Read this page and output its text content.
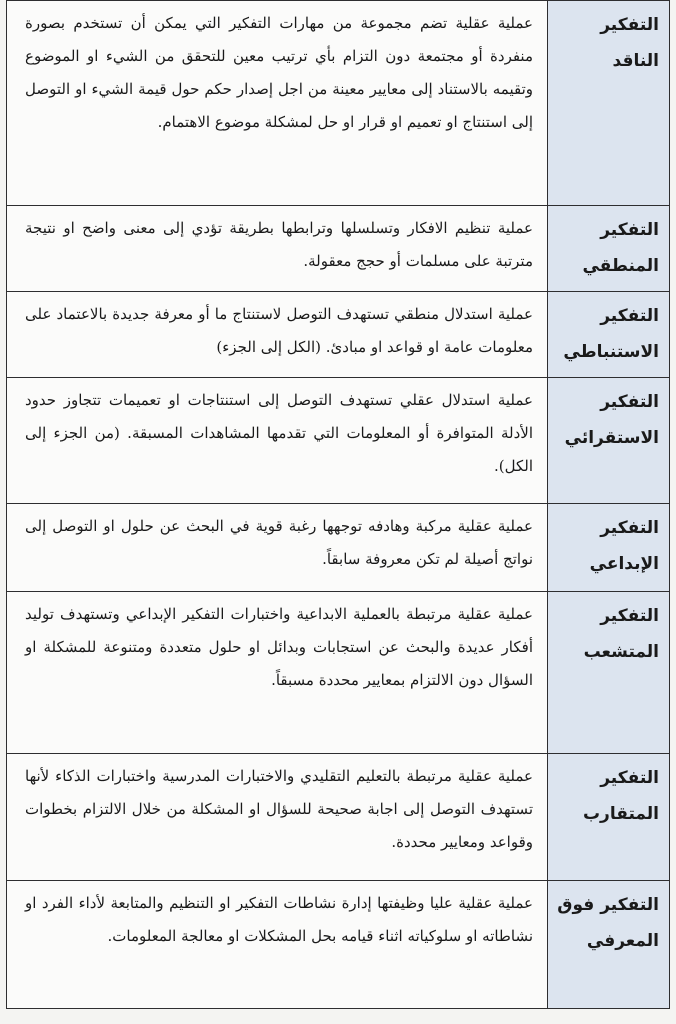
التفكير الناقد	عملية عقلية تضم مجموعة من مهارات التفكير التي يمكن أن تستخدم بصورة منفردة أو مجتمعة دون التزام بأي ترتيب معين للتحقق من الشيء او الموضوع وتقيمه بالاستناد إلى معايير معينة من اجل إصدار حكم حول قيمة الشيء او التوصل إلى استنتاج او تعميم او قرار او حل لمشكلة موضوع الاهتمام.
التفكير المنطقي	عملية تنظيم الافكار وتسلسلها وترابطها بطريقة تؤدي إلى معنى واضح او نتيجة مترتبة على مسلمات أو حجج معقولة.
التفكير الاستنباطي	عملية استدلال منطقي تستهدف التوصل لاستنتاج ما أو معرفة جديدة بالاعتماد على معلومات عامة او قواعد او مبادئ. (الكل إلى الجزء)
التفكير الاستقرائي	عملية استدلال عقلي تستهدف التوصل إلى استنتاجات او تعميمات تتجاوز حدود الأدلة المتوافرة أو المعلومات التي تقدمها المشاهدات المسبقة. (من الجزء إلى الكل).
التفكير الإبداعي	عملية عقلية مركبة وهادفه توجهها رغبة قوية في البحث عن حلول او التوصل إلى نواتج أصيلة لم تكن معروفة سابقاً.
التفكير المتشعب	عملية عقلية مرتبطة بالعملية الابداعية واختبارات التفكير الإبداعي وتستهدف توليد أفكار عديدة والبحث عن استجابات وبدائل او حلول متعددة ومتنوعة للمشكلة او السؤال دون الالتزام بمعايير محددة مسبقاً.
التفكير المتقارب	عملية عقلية مرتبطة بالتعليم التقليدي والاختبارات المدرسية واختبارات الذكاء لأنها تستهدف التوصل إلى اجابة صحيحة للسؤال او المشكلة من خلال الالتزام بخطوات وقواعد ومعايير محددة.
التفكير فوق المعرفي	عملية عقلية عليا وظيفتها إدارة نشاطات التفكير او التنظيم والمتابعة لأداء الفرد او نشاطاته او سلوكياته اثناء قيامه بحل المشكلات او معالجة المعلومات.
